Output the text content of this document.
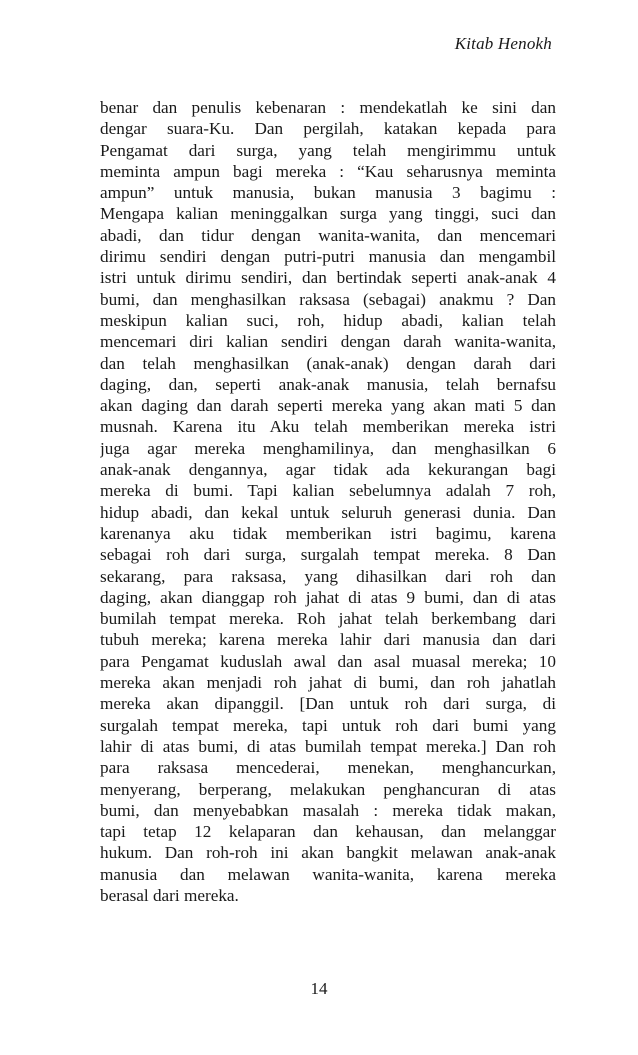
Kitab Henokh
benar dan penulis kebenaran : mendekatlah ke sini dan
dengar suara-Ku. Dan pergilah, katakan kepada para
Pengamat dari surga, yang telah mengirimmu untuk
meminta ampun bagi mereka : “Kau seharusnya meminta
ampun” untuk manusia, bukan manusia 3 bagimu :
Mengapa kalian meninggalkan surga yang tinggi, suci dan
abadi, dan tidur dengan wanita-wanita, dan mencemari
dirimu sendiri dengan putri-putri manusia dan mengambil
istri untuk dirimu sendiri, dan bertindak seperti anak-anak 4
bumi, dan menghasilkan raksasa (sebagai) anakmu ? Dan
meskipun kalian suci, roh, hidup abadi, kalian telah
mencemari diri kalian sendiri dengan darah wanita-wanita,
dan telah menghasilkan (anak-anak) dengan darah dari
daging, dan, seperti anak-anak manusia, telah bernafsu
akan daging dan darah seperti mereka yang akan mati 5 dan
musnah. Karena itu Aku telah memberikan mereka istri
juga agar mereka menghamilinya, dan menghasilkan 6
anak-anak dengannya, agar tidak ada kekurangan bagi
mereka di bumi. Tapi kalian sebelumnya adalah 7 roh,
hidup abadi, dan kekal untuk seluruh generasi dunia. Dan
karenanya aku tidak memberikan istri bagimu, karena
sebagai roh dari surga, surgalah tempat mereka. 8 Dan
sekarang, para raksasa, yang dihasilkan dari roh dan
daging, akan dianggap roh jahat di atas 9 bumi, dan di atas
bumilah tempat mereka. Roh jahat telah berkembang dari
tubuh mereka; karena mereka lahir dari manusia dan dari
para Pengamat kuduslah awal dan asal muasal mereka; 10
mereka akan menjadi roh jahat di bumi, dan roh jahatlah
mereka akan dipanggil. [Dan untuk roh dari surga, di
surgalah tempat mereka, tapi untuk roh dari bumi yang
lahir di atas bumi, di atas bumilah tempat mereka.] Dan roh
para raksasa mencederai, menekan, menghancurkan,
menyerang, berperang, melakukan penghancuran di atas
bumi, dan menyebabkan masalah : mereka tidak makan,
tapi tetap 12 kelaparan dan kehausan, dan melanggar
hukum. Dan roh-roh ini akan bangkit melawan anak-anak
manusia dan melawan wanita-wanita, karena mereka
berasal dari mereka.
14
